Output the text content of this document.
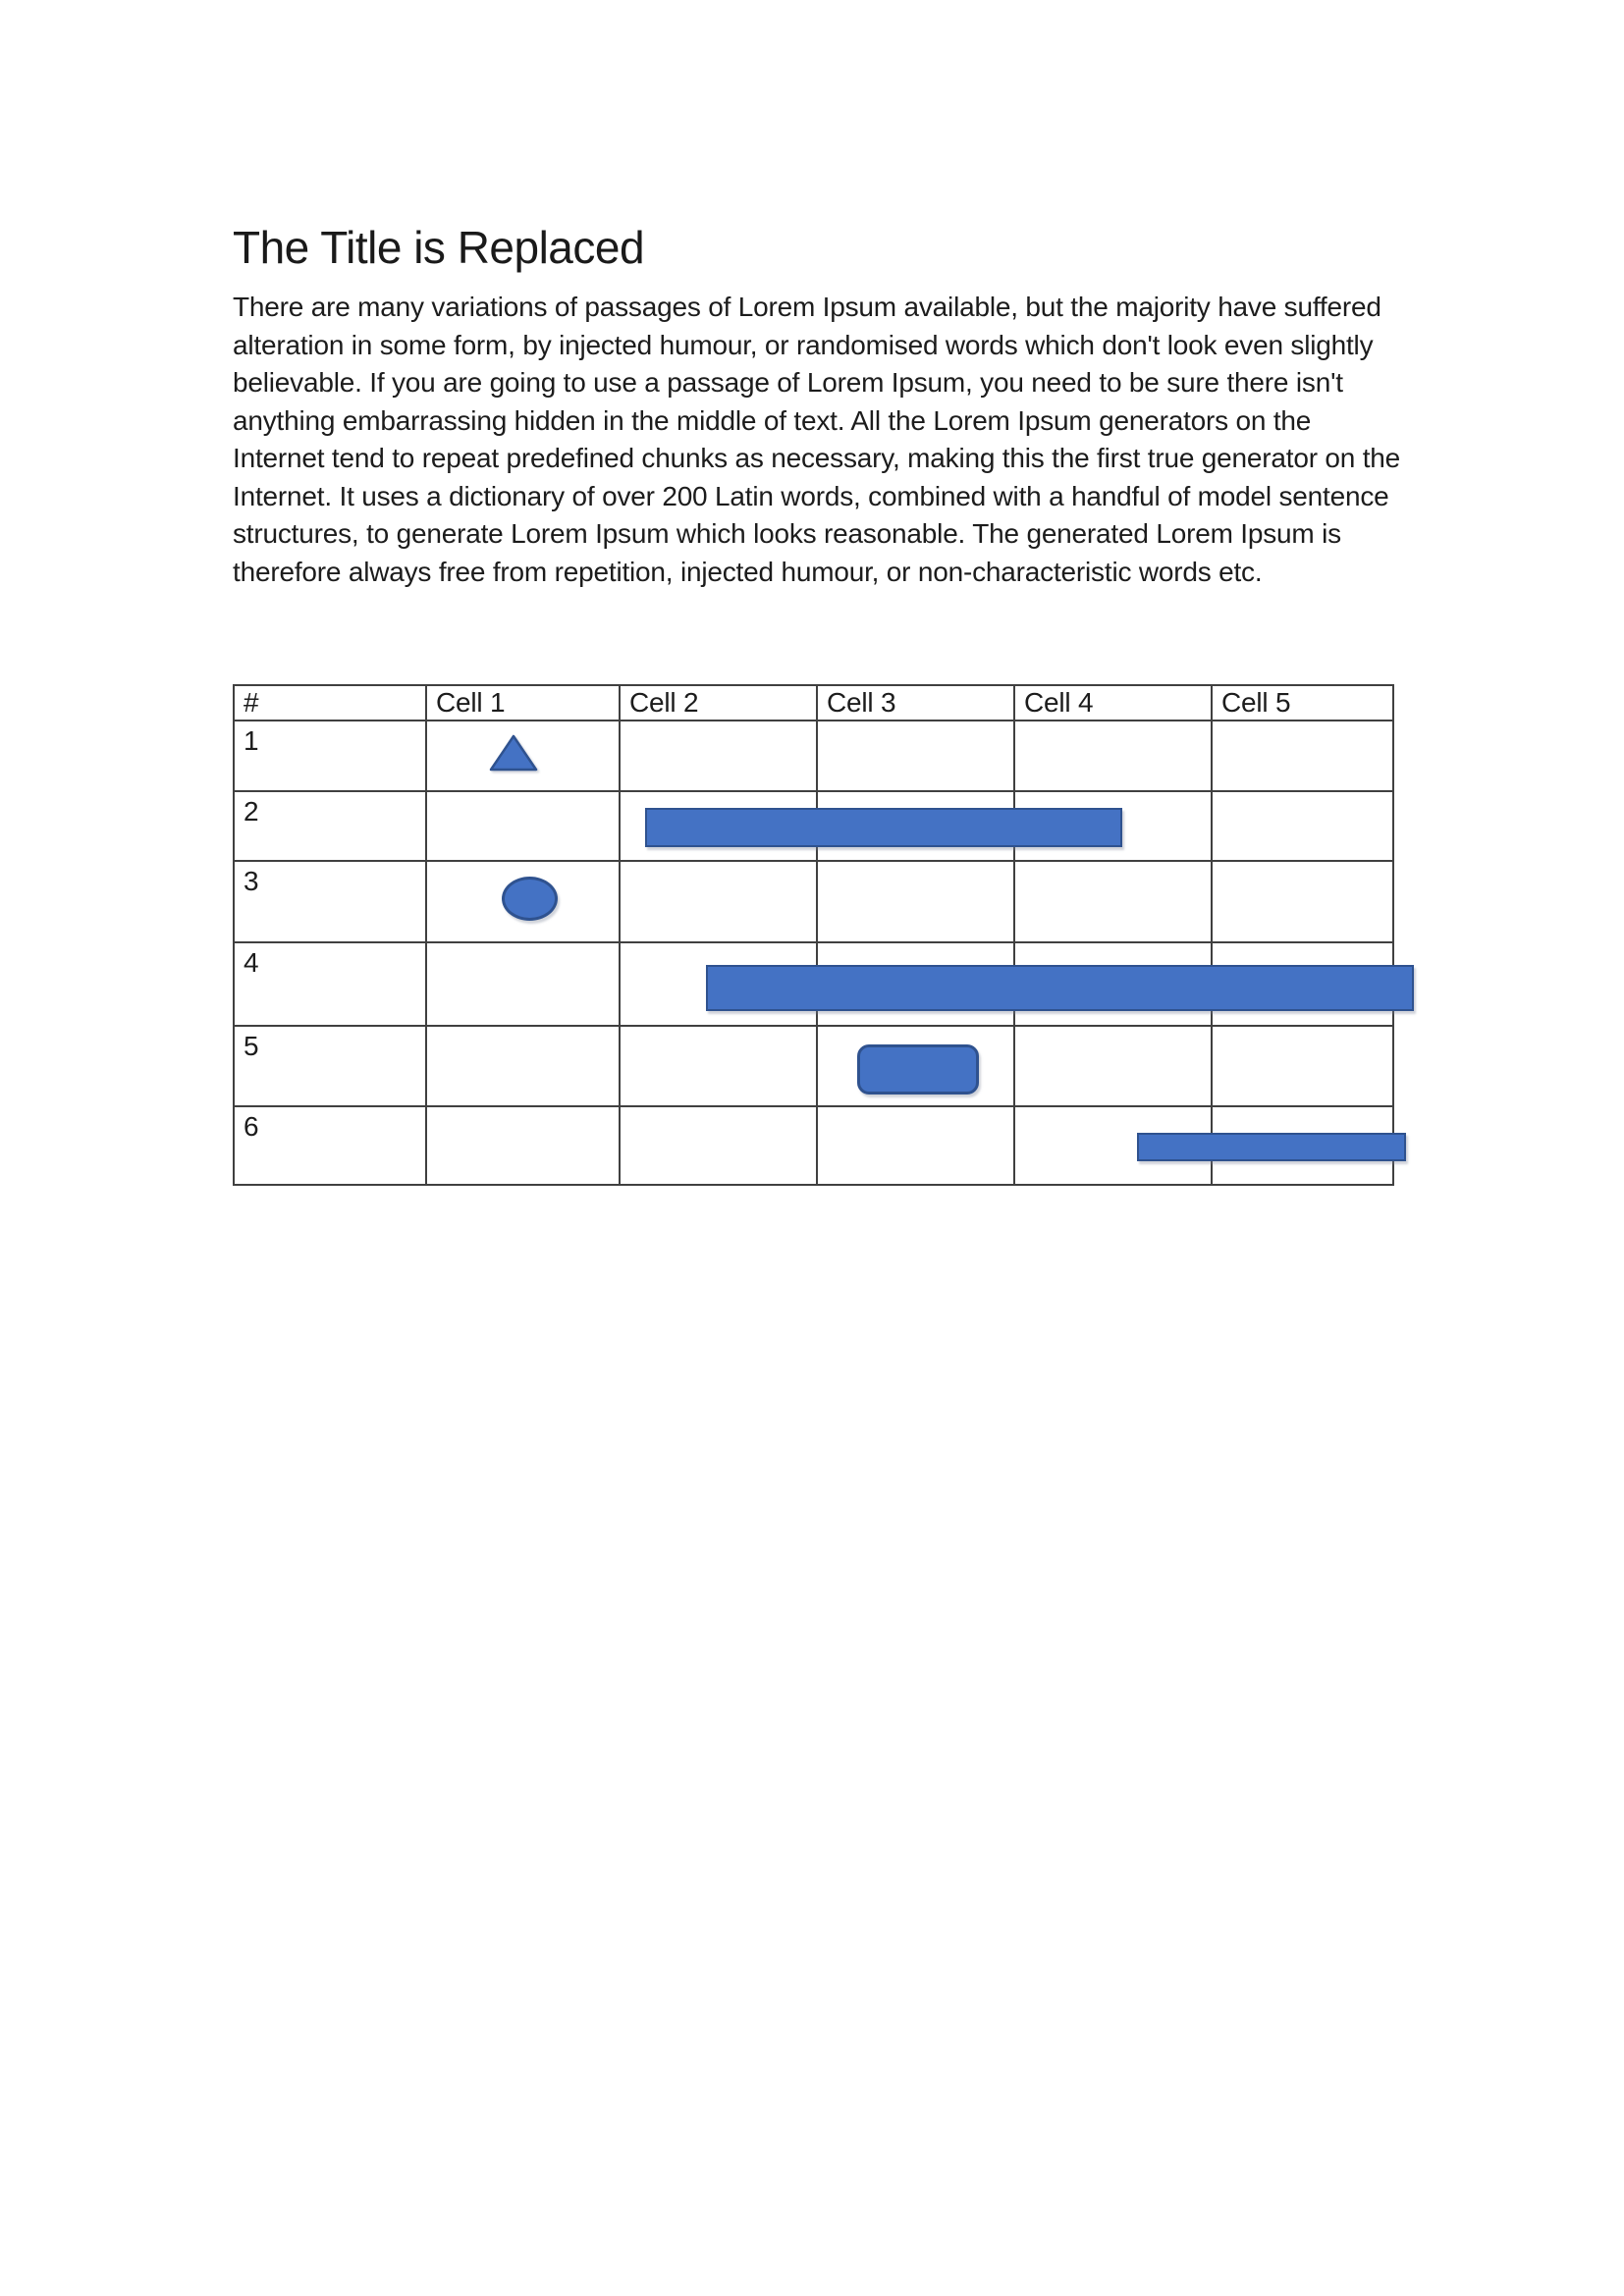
The Title is Replaced

There are many variations of passages of Lorem Ipsum available, but the majority have suffered alteration in some form, by injected humour, or randomised words which don't look even slightly believable. If you are going to use a passage of Lorem Ipsum, you need to be sure there isn't anything embarrassing hidden in the middle of text. All the Lorem Ipsum generators on the Internet tend to repeat predefined chunks as necessary, making this the first true generator on the Internet. It uses a dictionary of over 200 Latin words, combined with a handful of model sentence structures, to generate Lorem Ipsum which looks reasonable. The generated Lorem Ipsum is therefore always free from repetition, injected humour, or non-characteristic words etc.

#	Cell 1	Cell 2	Cell 3	Cell 4	Cell 5
1					
2					
3					
4					
5					
6					
